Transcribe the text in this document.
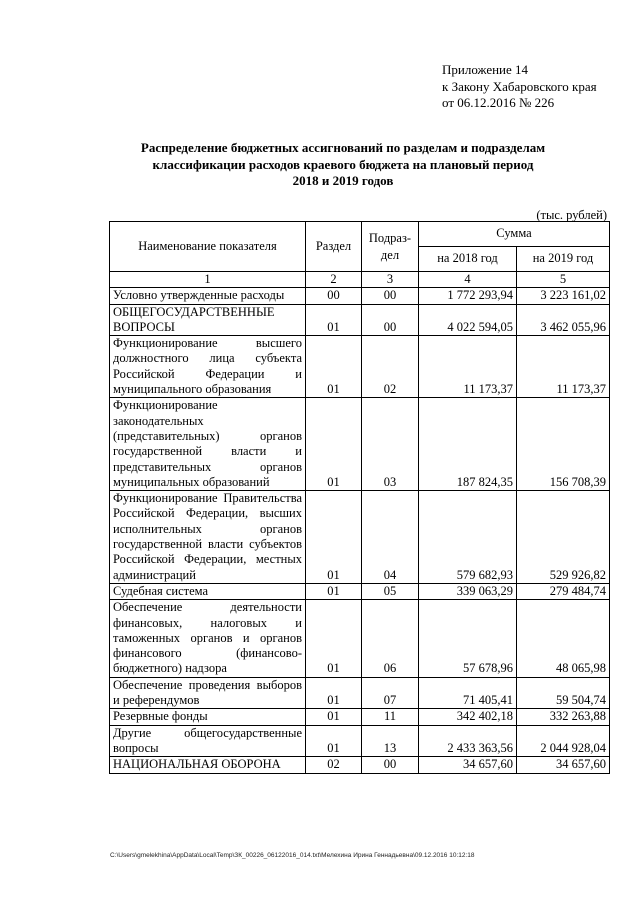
Приложение 14
к Закону Хабаровского края
от 06.12.2016 № 226
Распределение бюджетных ассигнований по разделам и подразделам
классификации расходов краевого бюджета на плановый период
2018 и 2019 годов
(тыс. рублей)
Наименование показателя	Раздел	Подраз-дел	Сумма	
			на 2018 год	на 2019 год
1	2	3	4	5
Условно утвержденные расходы	00	00	1 772 293,94	3 223 161,02
ОБЩЕГОСУДАРСТВЕННЫЕ ВОПРОСЫ	01	00	4 022 594,05	3 462 055,96
Функционирование высшего должностного лица субъекта Российской Федерации и муниципального образования	01	02	11 173,37	11 173,37
Функционирование законодательных (представительных) органов государственной власти и представительных органов муниципальных образований	01	03	187 824,35	156 708,39
Функционирование Правительства Российской Федерации, высших исполнительных органов государственной власти субъектов Российской Федерации, местных администраций	01	04	579 682,93	529 926,82
Судебная система	01	05	339 063,29	279 484,74
Обеспечение деятельности финансовых, налоговых и таможенных органов и органов финансового (финансово-бюджетного) надзора	01	06	57 678,96	48 065,98
Обеспечение проведения выборов и референдумов	01	07	71 405,41	59 504,74
Резервные фонды	01	11	342 402,18	332 263,88
Другие общегосударственные вопросы	01	13	2 433 363,56	2 044 928,04
НАЦИОНАЛЬНАЯ ОБОРОНА	02	00	34 657,60	34 657,60
C:\Users\gmelekhina\AppData\Local\Temp\ЗК_00226_06122016_014.txt\Мелехина Ирина Геннадьевна\09.12.2016 10:12:18
